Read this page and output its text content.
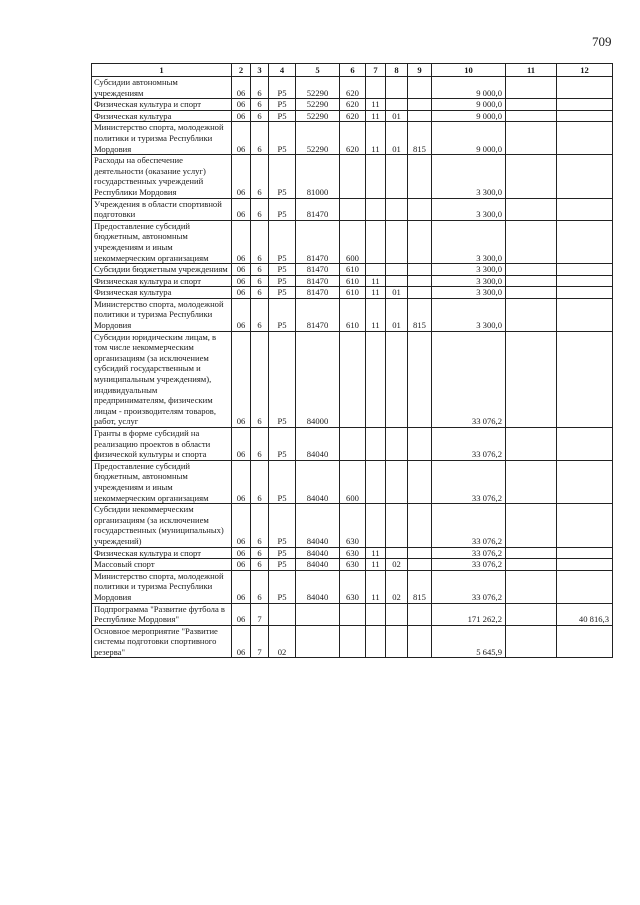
709
1	2	3	4	5	6	7	8	9	10	11	12
Субсидии автономным учреждениям	06	6	Р5	52290	620				9 000,0		
Физическая культура и спорт	06	6	Р5	52290	620	11			9 000,0		
Физическая культура	06	6	Р5	52290	620	11	01		9 000,0		
Министерство спорта, молодежной политики и туризма Республики Мордовия	06	6	Р5	52290	620	11	01	815	9 000,0		
Расходы на обеспечение деятельности (оказание услуг) государственных учреждений Республики Мордовия	06	6	Р5	81000					3 300,0		
Учреждения в области спортивной подготовки	06	6	Р5	81470					3 300,0		
Предоставление субсидий бюджетным, автономным учреждениям и иным некоммерческим организациям	06	6	Р5	81470	600				3 300,0		
Субсидии бюджетным учреждениям	06	6	Р5	81470	610				3 300,0		
Физическая культура и спорт	06	6	Р5	81470	610	11			3 300,0		
Физическая культура	06	6	Р5	81470	610	11	01		3 300,0		
Министерство спорта, молодежной политики и туризма Республики Мордовия	06	6	Р5	81470	610	11	01	815	3 300,0		
Субсидии юридическим лицам, в том числе некоммерческим организациям (за исключением субсидий государственным и муниципальным учреждениям), индивидуальным предпринимателям, физическим лицам - производителям товаров, работ, услуг	06	6	Р5	84000					33 076,2		
Гранты в форме субсидий на реализацию проектов в области физической культуры и спорта	06	6	Р5	84040					33 076,2		
Предоставление субсидий бюджетным, автономным учреждениям и иным некоммерческим организациям	06	6	Р5	84040	600				33 076,2		
Субсидии некоммерческим организациям (за исключением государственных (муниципальных) учреждений)	06	6	Р5	84040	630				33 076,2		
Физическая культура и спорт	06	6	Р5	84040	630	11			33 076,2		
Массовый спорт	06	6	Р5	84040	630	11	02		33 076,2		
Министерство спорта, молодежной политики и туризма Республики Мордовия	06	6	Р5	84040	630	11	02	815	33 076,2		
Подпрограмма "Развитие футбола в Республике Мордовия"	06	7							171 262,2		40 816,3
Основное мероприятие "Развитие системы подготовки спортивного резерва"	06	7	02						5 645,9		
